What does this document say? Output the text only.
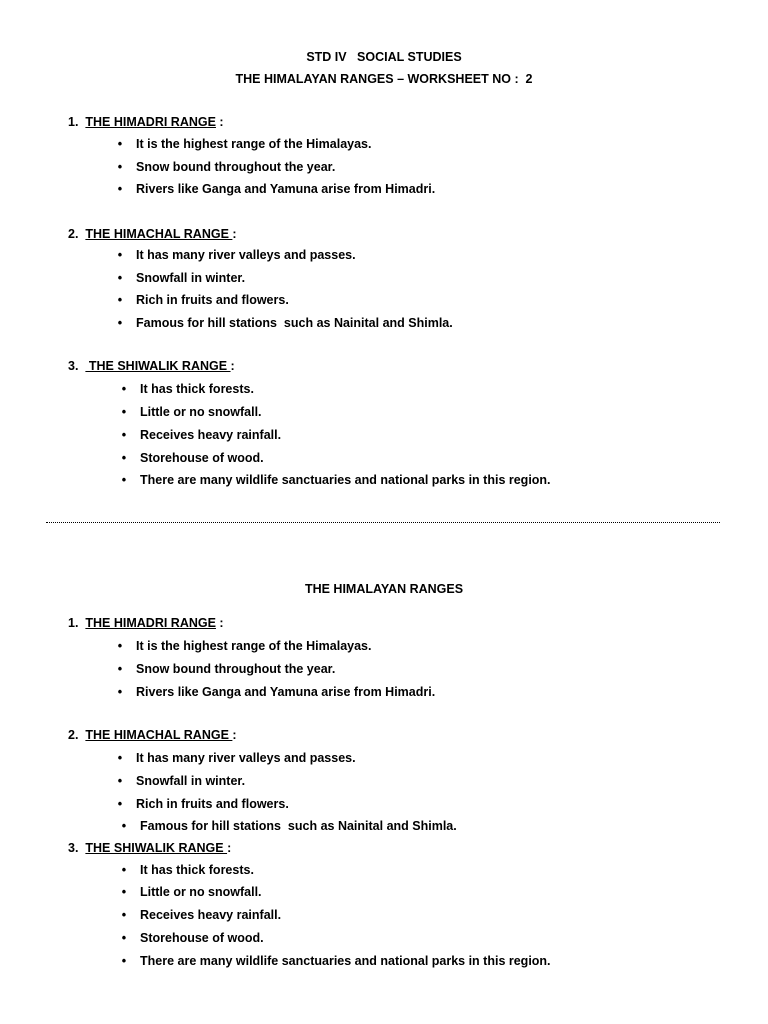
STD IV   SOCIAL STUDIES
THE HIMALAYAN RANGES – WORKSHEET NO :  2
1. THE HIMADRI RANGE :
•	It is the highest range of the Himalayas.
•	Snow bound throughout the year.
•	Rivers like Ganga and Yamuna arise from Himadri.
2. THE HIMACHAL RANGE :
•	It has many river valleys and passes.
•	Snowfall in winter.
•	Rich in fruits and flowers.
•	Famous for hill stations  such as Nainital and Shimla.
3.   THE SHIWALIK RANGE :
•	It has thick forests.
•	Little or no snowfall.
•	Receives heavy rainfall.
•	Storehouse of wood.
•	There are many wildlife sanctuaries and national parks in this region.
THE HIMALAYAN RANGES
1. THE HIMADRI RANGE :
•	It is the highest range of the Himalayas.
•	Snow bound throughout the year.
•	Rivers like Ganga and Yamuna arise from Himadri.
2. THE HIMACHAL RANGE :
•	It has many river valleys and passes.
•	Snowfall in winter.
•	Rich in fruits and flowers.
•	Famous for hill stations  such as Nainital and Shimla.
3. THE SHIWALIK RANGE :
•	It has thick forests.
•	Little or no snowfall.
•	Receives heavy rainfall.
•	Storehouse of wood.
•	There are many wildlife sanctuaries and national parks in this region.
